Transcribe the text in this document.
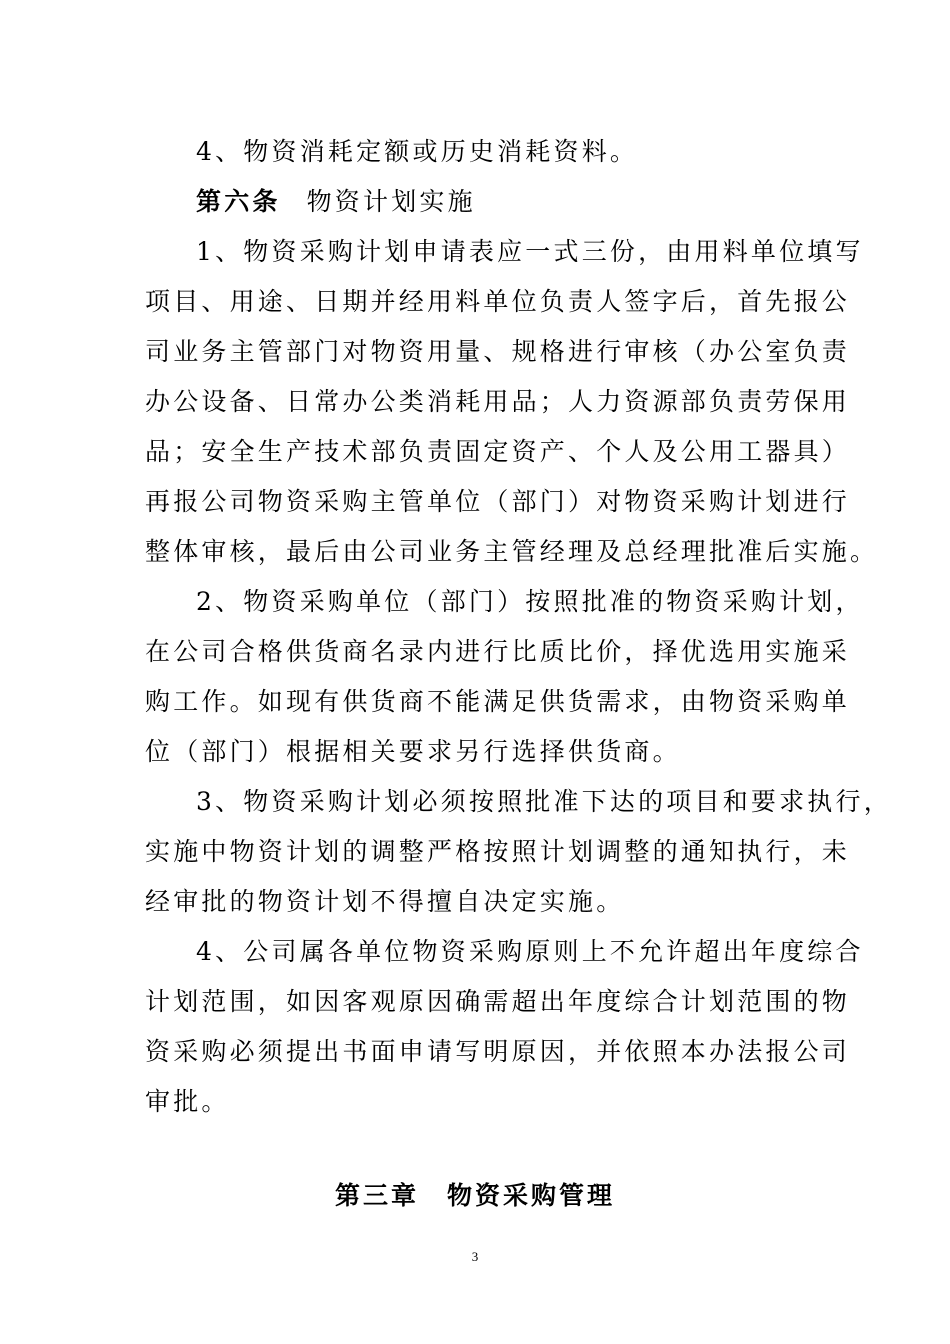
4、物资消耗定额或历史消耗资料。
第六条 物资计划实施
1、物资采购计划申请表应一式三份，由用料单位填写
项目、用途、日期并经用料单位负责人签字后，首先报公
司业务主管部门对物资用量、规格进行审核（办公室负责
办公设备、日常办公类消耗用品；人力资源部负责劳保用
品；安全生产技术部负责固定资产、个人及公用工器具）
再报公司物资采购主管单位（部门）对物资采购计划进行
整体审核，最后由公司业务主管经理及总经理批准后实施。
2、物资采购单位（部门）按照批准的物资采购计划，
在公司合格供货商名录内进行比质比价，择优选用实施采
购工作。如现有供货商不能满足供货需求，由物资采购单
位（部门）根据相关要求另行选择供货商。
3、物资采购计划必须按照批准下达的项目和要求执行，
实施中物资计划的调整严格按照计划调整的通知执行，未
经审批的物资计划不得擅自决定实施。
4、公司属各单位物资采购原则上不允许超出年度综合
计划范围，如因客观原因确需超出年度综合计划范围的物
资采购必须提出书面申请写明原因，并依照本办法报公司
审批。
第三章 物资采购管理
3
